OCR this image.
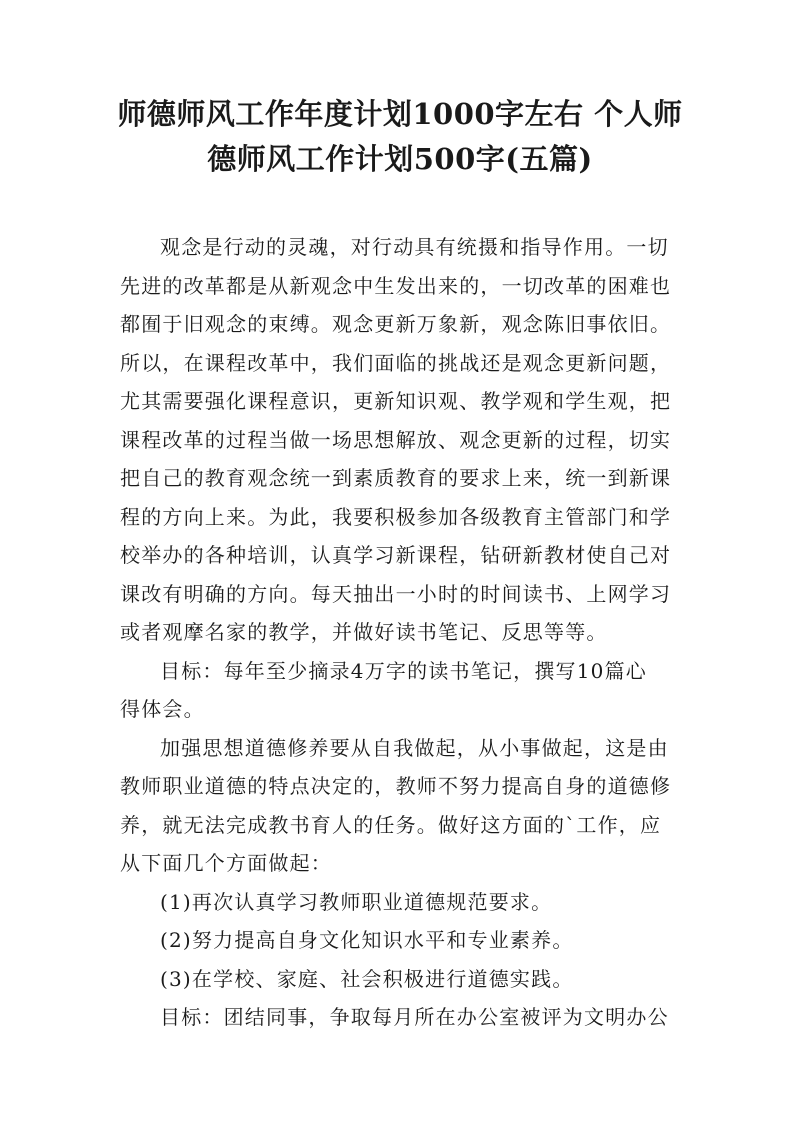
师德师风工作年度计划1000字左右 个人师
德师风工作计划500字(五篇)

观念是行动的灵魂，对行动具有统摄和指导作用。一切
先进的改革都是从新观念中生发出来的，一切改革的困难也
都囿于旧观念的束缚。观念更新万象新，观念陈旧事依旧。
所以，在课程改革中，我们面临的挑战还是观念更新问题，
尤其需要强化课程意识，更新知识观、教学观和学生观，把
课程改革的过程当做一场思想解放、观念更新的过程，切实
把自己的教育观念统一到素质教育的要求上来，统一到新课
程的方向上来。为此，我要积极参加各级教育主管部门和学
校举办的各种培训，认真学习新课程，钻研新教材使自己对
课改有明确的方向。每天抽出一小时的时间读书、上网学习
或者观摩名家的教学，并做好读书笔记、反思等等。

目标：每年至少摘录4万字的读书笔记，撰写10篇心
得体会。

加强思想道德修养要从自我做起，从小事做起，这是由
教师职业道德的特点决定的，教师不努力提高自身的道德修
养，就无法完成教书育人的任务。做好这方面的`工作，应
从下面几个方面做起：

(1)再次认真学习教师职业道德规范要求。

(2)努力提高自身文化知识水平和专业素养。

(3)在学校、家庭、社会积极进行道德实践。

目标：团结同事，争取每月所在办公室被评为文明办公
